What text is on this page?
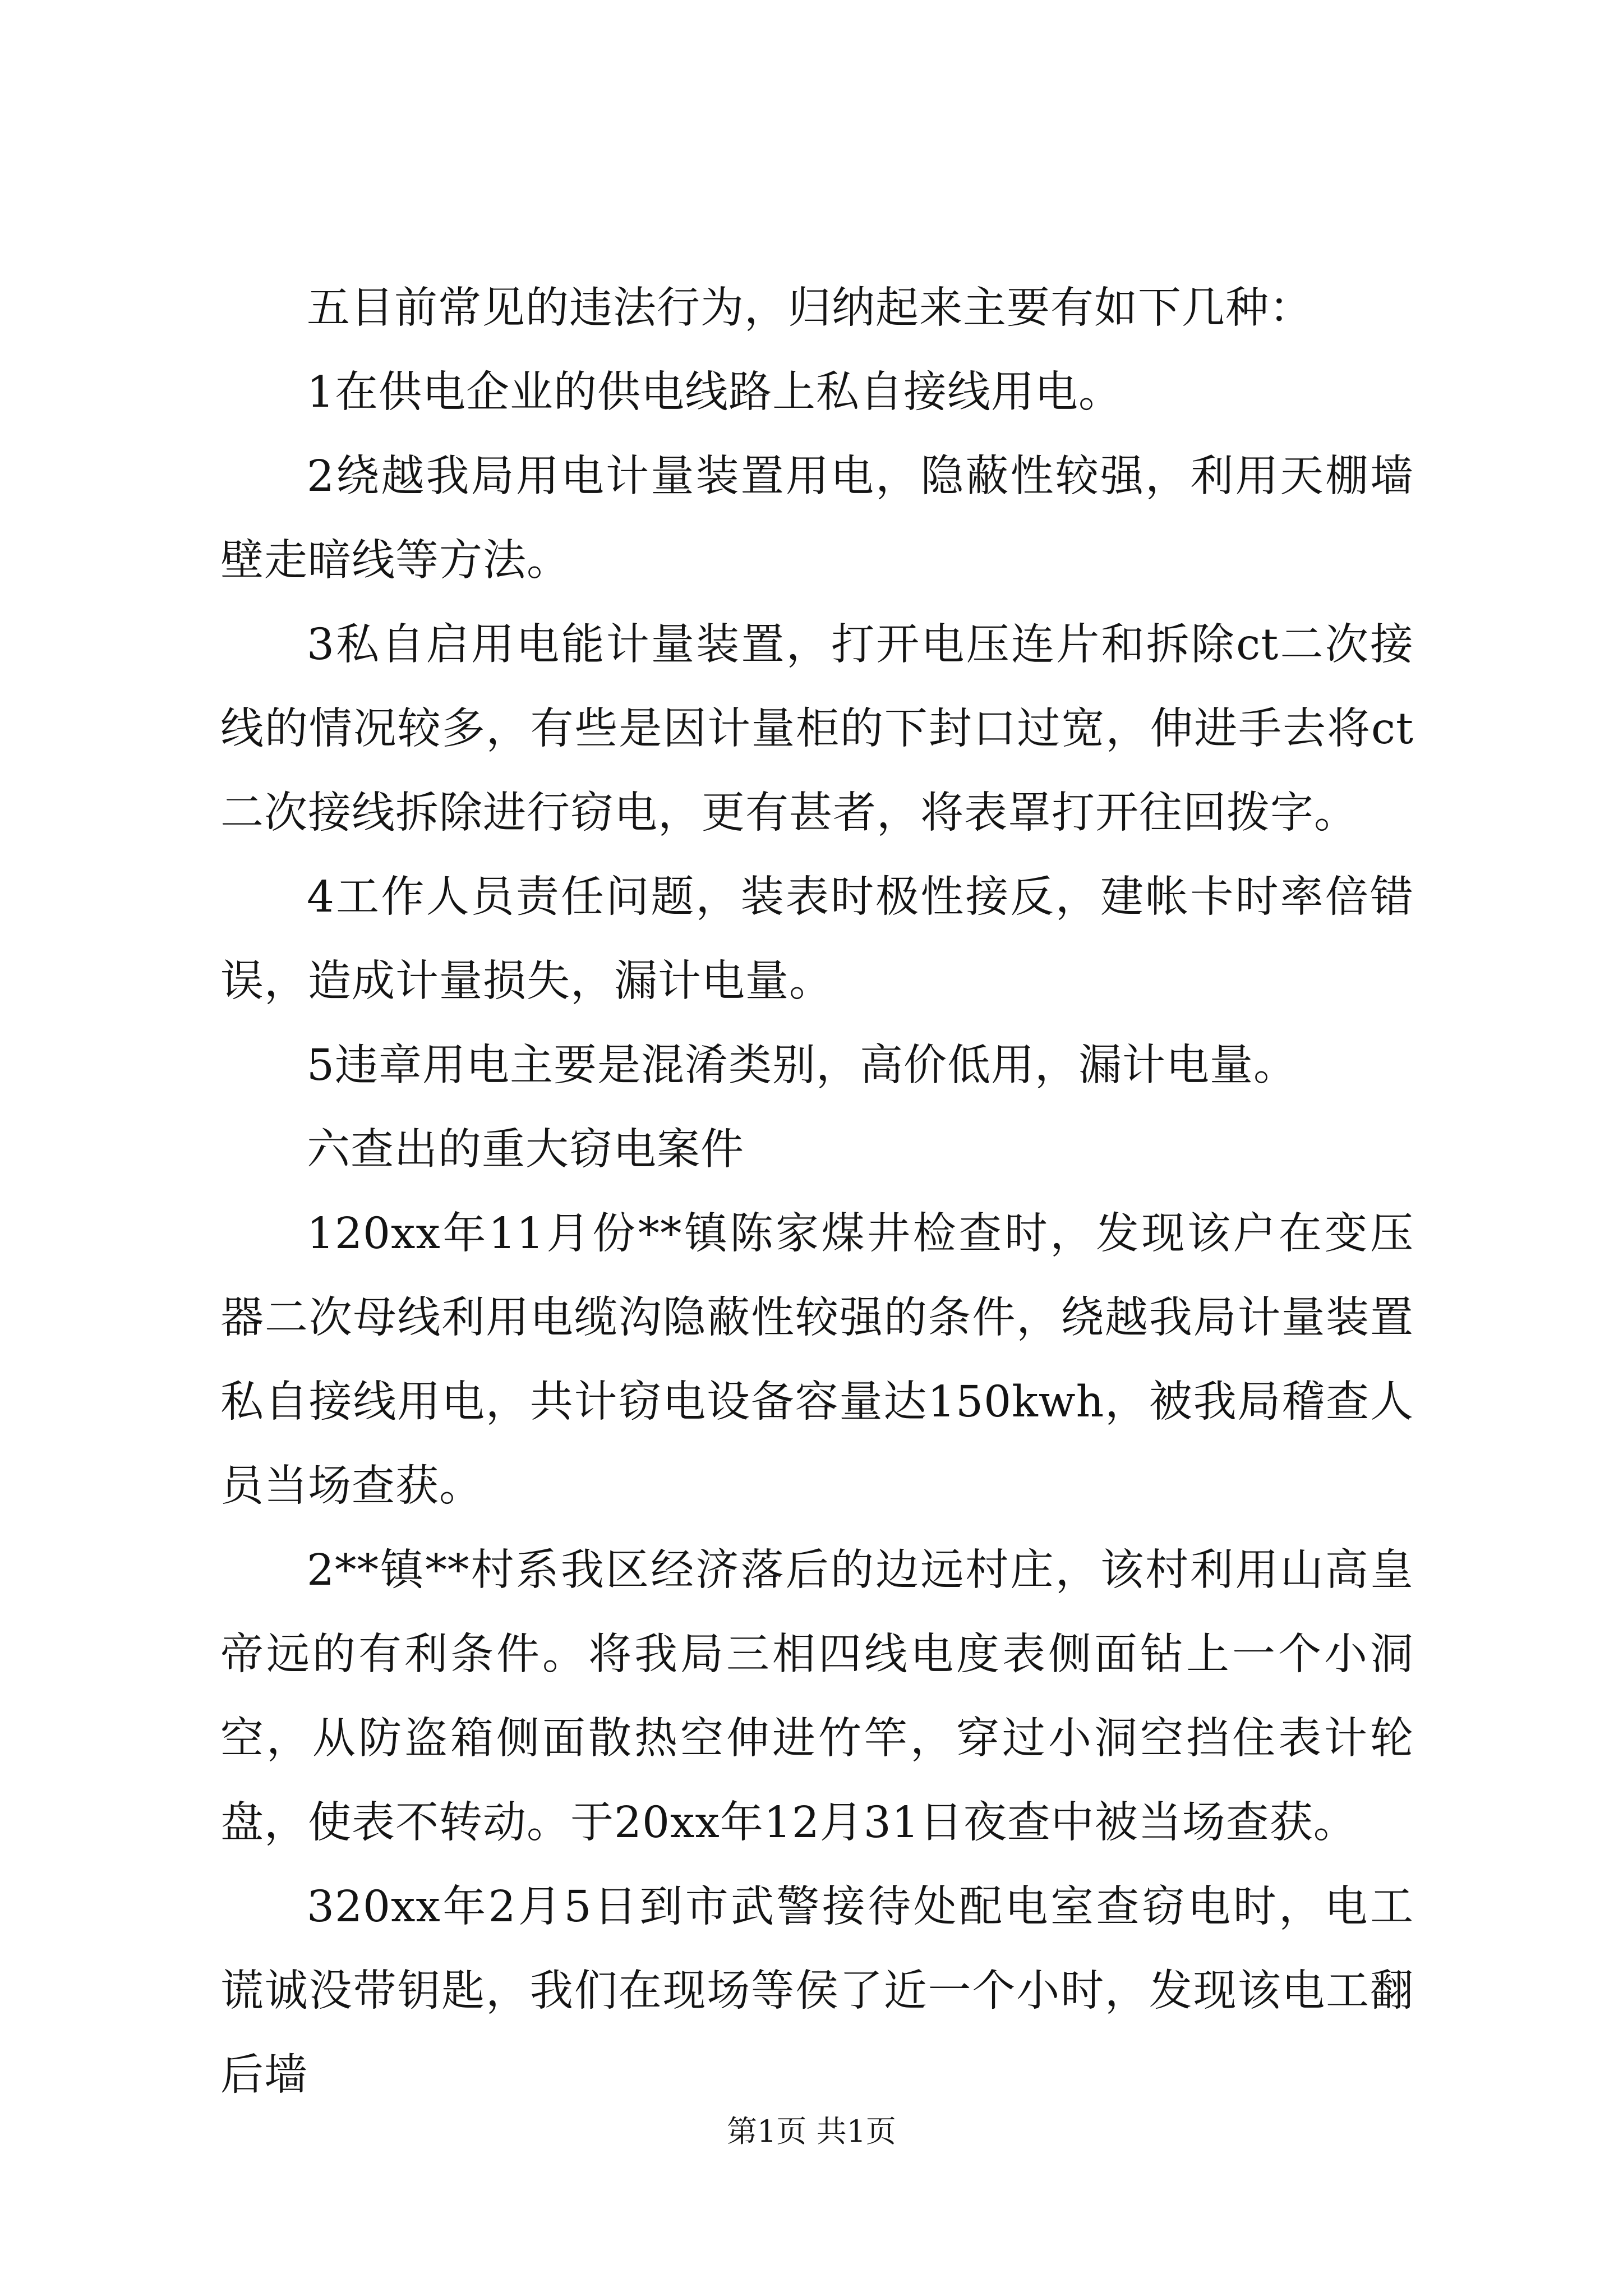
五目前常见的违法行为，归纳起来主要有如下几种：

1在供电企业的供电线路上私自接线用电。

2绕越我局用电计量装置用电，隐蔽性较强，利用天棚墙壁走暗线等方法。

3私自启用电能计量装置，打开电压连片和拆除ct二次接线的情况较多，有些是因计量柜的下封口过宽，伸进手去将ct二次接线拆除进行窃电，更有甚者，将表罩打开往回拨字。

4工作人员责任问题，装表时极性接反，建帐卡时率倍错误，造成计量损失，漏计电量。

5违章用电主要是混淆类别，高价低用，漏计电量。

六查出的重大窃电案件

120xx年11月份**镇陈家煤井检查时，发现该户在变压器二次母线利用电缆沟隐蔽性较强的条件，绕越我局计量装置私自接线用电，共计窃电设备容量达150kwh，被我局稽查人员当场查获。

2**镇**村系我区经济落后的边远村庄，该村利用山高皇帝远的有利条件。将我局三相四线电度表侧面钻上一个小洞空，从防盗箱侧面散热空伸进竹竿，穿过小洞空挡住表计轮盘，使表不转动。于20xx年12月31日夜查中被当场查获。

320xx年2月5日到市武警接待处配电室查窃电时，电工谎诚没带钥匙，我们在现场等侯了近一个小时，发现该电工翻后墙

第1页 共1页
